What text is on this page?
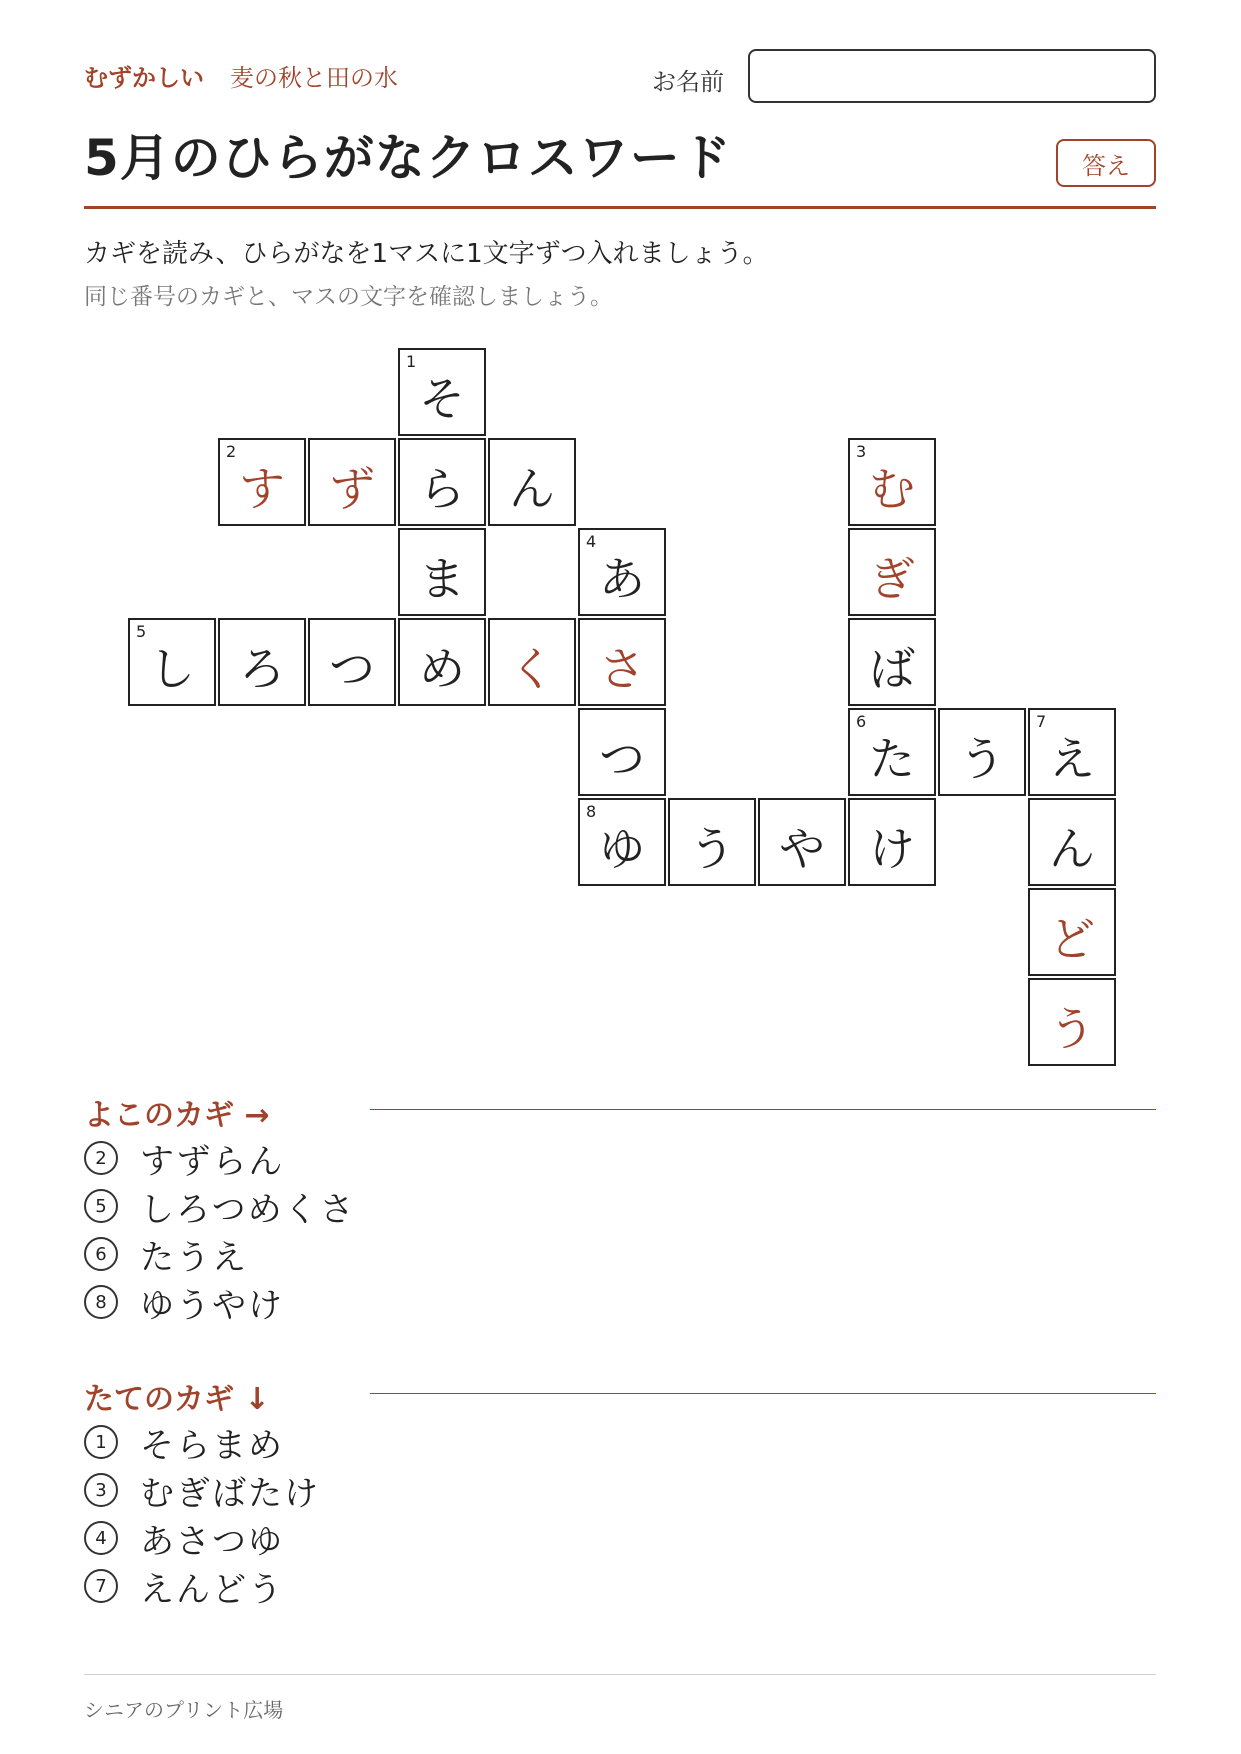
むずかしい 麦の秋と田の水	お名前
5月のひらがなクロスワード	答え
カギを読み、ひらがなを1マスに1文字ずつ入れましょう。
同じ番号のカギと、マスの文字を確認しましょう。
1
そ
2
す ず ら ん
3
む
ま
4
あ	ぎ
5
し ろ つ め く さ	ば
つ
6
た う
7
え
8
ゆ う や け	ん
ど
う
よこのカギ →
2 すずらん
5 しろつめくさ
6 たうえ
8 ゆうやけ
たてのカギ ↓
1 そらまめ
3 むぎばたけ
4 あさつゆ
7 えんどう
シニアのプリント広場
